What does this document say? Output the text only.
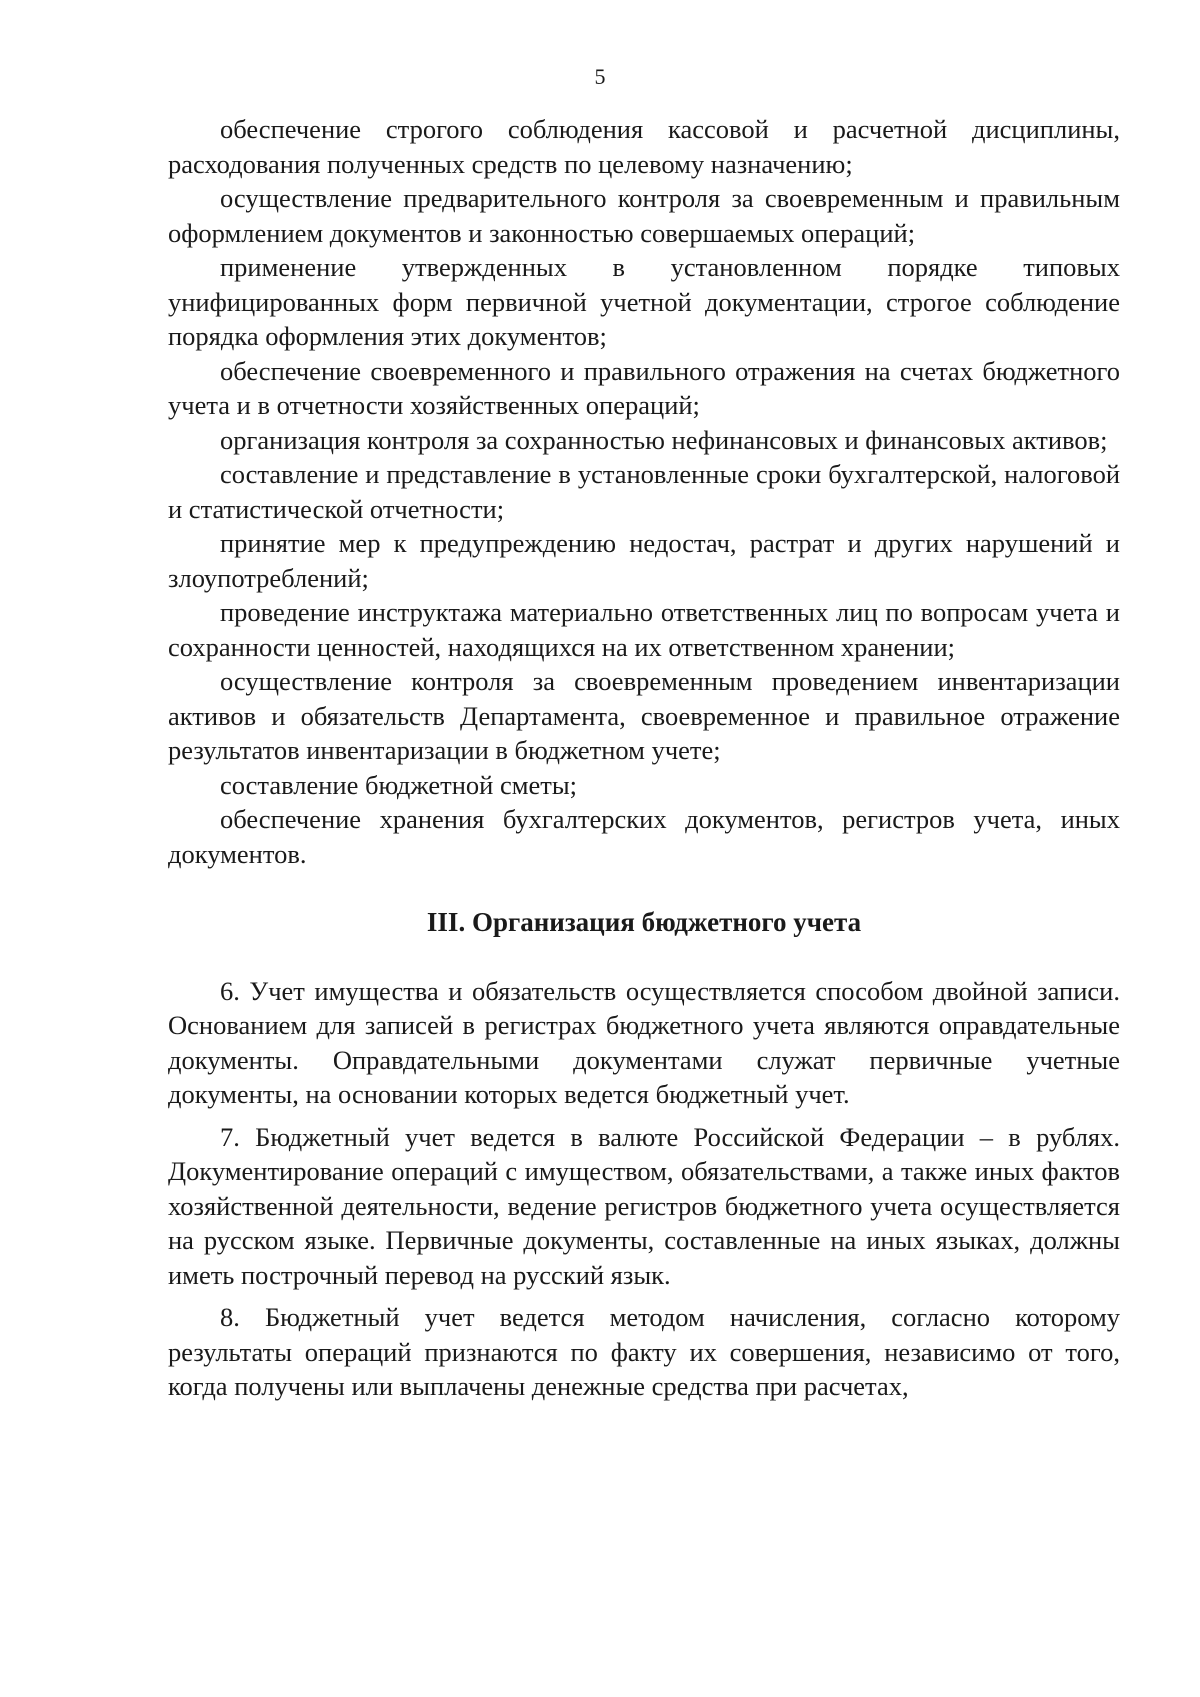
5

обеспечение строгого соблюдения кассовой и расчетной дисциплины, расходования полученных средств по целевому назначению;

осуществление предварительного контроля за своевременным и правильным оформлением документов и законностью совершаемых операций;

применение утвержденных в установленном порядке типовых унифицированных форм первичной учетной документации, строгое соблюдение порядка оформления этих документов;

обеспечение своевременного и правильного отражения на счетах бюджетного учета и в отчетности хозяйственных операций;

организация контроля за сохранностью нефинансовых и финансовых активов;

составление и представление в установленные сроки бухгалтерской, налоговой и статистической отчетности;

принятие мер к предупреждению недостач, растрат и других нарушений и злоупотреблений;

проведение инструктажа материально ответственных лиц по вопросам учета и сохранности ценностей, находящихся на их ответственном хранении;

осуществление контроля за своевременным проведением инвентаризации активов и обязательств Департамента, своевременное и правильное отражение результатов инвентаризации в бюджетном учете;

составление бюджетной сметы;

обеспечение хранения бухгалтерских документов, регистров учета, иных документов.

III. Организация бюджетного учета

6. Учет имущества и обязательств осуществляется способом двойной записи. Основанием для записей в регистрах бюджетного учета являются оправдательные документы. Оправдательными документами служат первичные учетные документы, на основании которых ведется бюджетный учет.

7. Бюджетный учет ведется в валюте Российской Федерации – в рублях. Документирование операций с имуществом, обязательствами, а также иных фактов хозяйственной деятельности, ведение регистров бюджетного учета осуществляется на русском языке. Первичные документы, составленные на иных языках, должны иметь построчный перевод на русский язык.

8. Бюджетный учет ведется методом начисления, согласно которому результаты операций признаются по факту их совершения, независимо от того, когда получены или выплачены денежные средства при расчетах,
